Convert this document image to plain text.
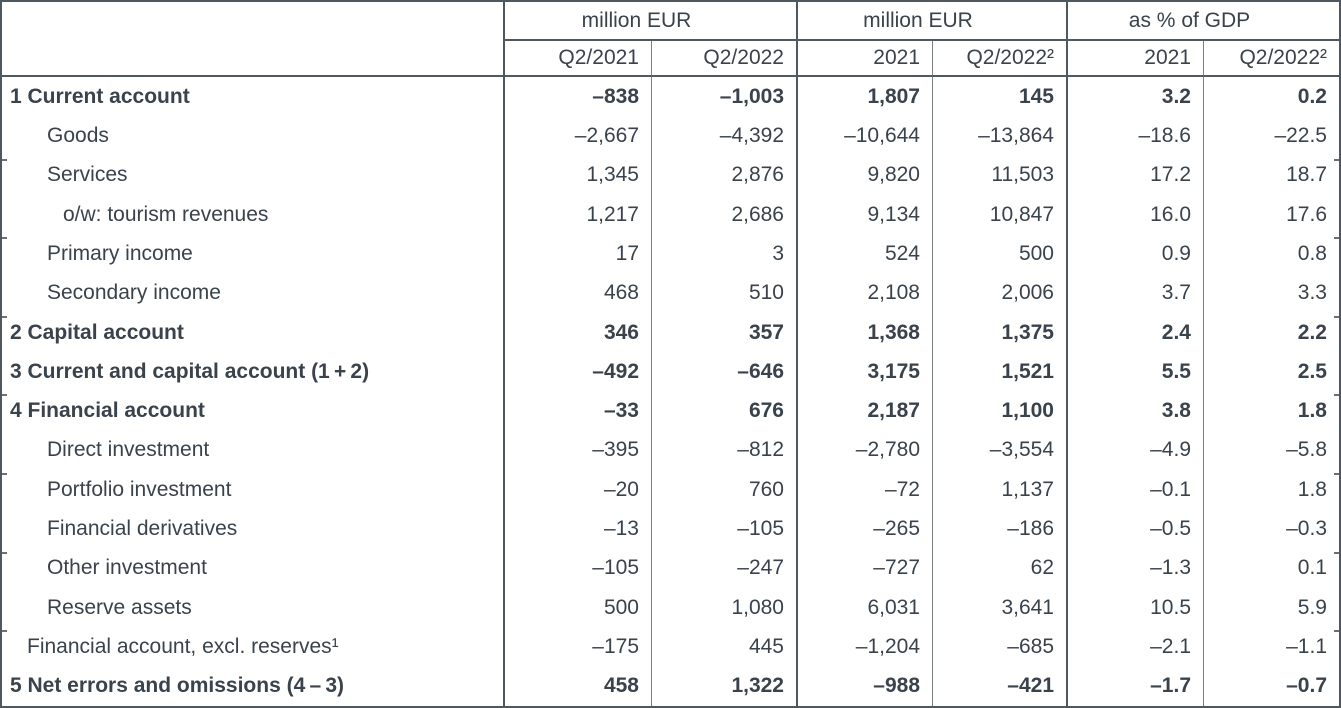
million EUR	million EUR	as % of GDP
Q2/2021	Q2/2022	2021	Q2/2022²	2021	Q2/2022²
1 Current account	–838	–1,003	1,807	145	3.2	0.2
Goods	–2,667	–4,392	–10,644	–13,864	–18.6	–22.5
Services	1,345	2,876	9,820	11,503	17.2	18.7
o/w: tourism revenues	1,217	2,686	9,134	10,847	16.0	17.6
Primary income	17	3	524	500	0.9	0.8
Secondary income	468	510	2,108	2,006	3.7	3.3
2 Capital account	346	357	1,368	1,375	2.4	2.2
3 Current and capital account (1 + 2)	–492	–646	3,175	1,521	5.5	2.5
4 Financial account	–33	676	2,187	1,100	3.8	1.8
Direct investment	–395	–812	–2,780	–3,554	–4.9	–5.8
Portfolio investment	–20	760	–72	1,137	–0.1	1.8
Financial derivatives	–13	–105	–265	–186	–0.5	–0.3
Other investment	–105	–247	–727	62	–1.3	0.1
Reserve assets	500	1,080	6,031	3,641	10.5	5.9
Financial account, excl. reserves¹	–175	445	–1,204	–685	–2.1	–1.1
5 Net errors and omissions (4 – 3)	458	1,322	–988	–421	–1.7	–0.7
